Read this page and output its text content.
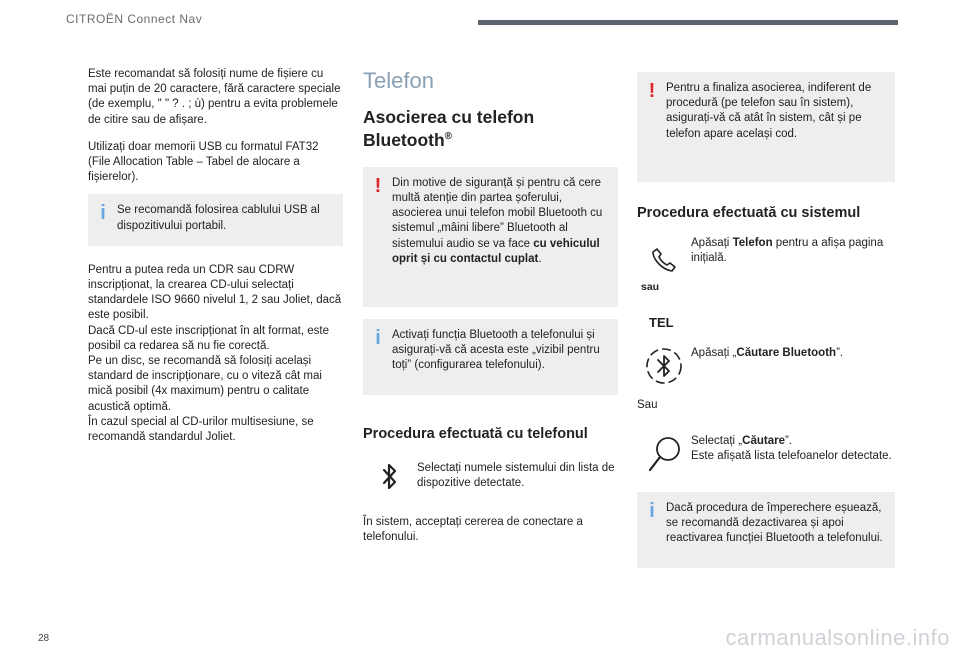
CITROËN Connect Nav

Este recomandat să folosiți nume de fișiere cu mai puțin de 20 caractere, fără caractere speciale (de exemplu, " " ? . ; ù) pentru a evita problemele de citire sau de afișare.

Utilizați doar memorii USB cu formatul FAT32 (File Allocation Table – Tabel de alocare a fișierelor).

i Se recomandă folosirea cablului USB al dispozitivului portabil.

Pentru a putea reda un CDR sau CDRW inscripționat, la crearea CD-ului selectați standardele ISO 9660 nivelul 1, 2 sau Joliet, dacă este posibil.

Dacă CD-ul este inscripționat în alt format, este posibil ca redarea să nu fie corectă.

Pe un disc, se recomandă să folosiți același standard de inscripționare, cu o viteză cât mai mică posibil (4x maximum) pentru o calitate acustică optimă.

În cazul special al CD-urilor multisesiune, se recomandă standardul Joliet.

Telefon
Asocierea cu telefon Bluetooth®
! Din motive de siguranță și pentru că cere multă atenție din partea șoferului, asocierea unui telefon mobil Bluetooth cu sistemul „mâini libere” Bluetooth al sistemului audio se va face cu vehiculul oprit și cu contactul cuplat.

i Activați funcția Bluetooth a telefonului și asigurați-vă că acesta este „vizibil pentru toți” (configurarea telefonului).

Procedura efectuată cu telefonul

Selectați numele sistemului din lista de dispozitive detectate.

În sistem, acceptați cererea de conectare a telefonului.

! Pentru a finaliza asocierea, indiferent de procedură (pe telefon sau în sistem), asigurați-vă că atât în sistem, cât și pe telefon apare același cod.

Procedura efectuată cu sistemul

Apăsați Telefon pentru a afișa pagina inițială.

sau
TEL

Apăsați „Căutare Bluetooth”.

Sau

Selectați „Căutare”.

Este afișată lista telefoanelor detectate.

i Dacă procedura de împerechere eșuează, se recomandă dezactivarea și apoi reactivarea funcției Bluetooth a telefonului.

28	carmanualsonline.info
